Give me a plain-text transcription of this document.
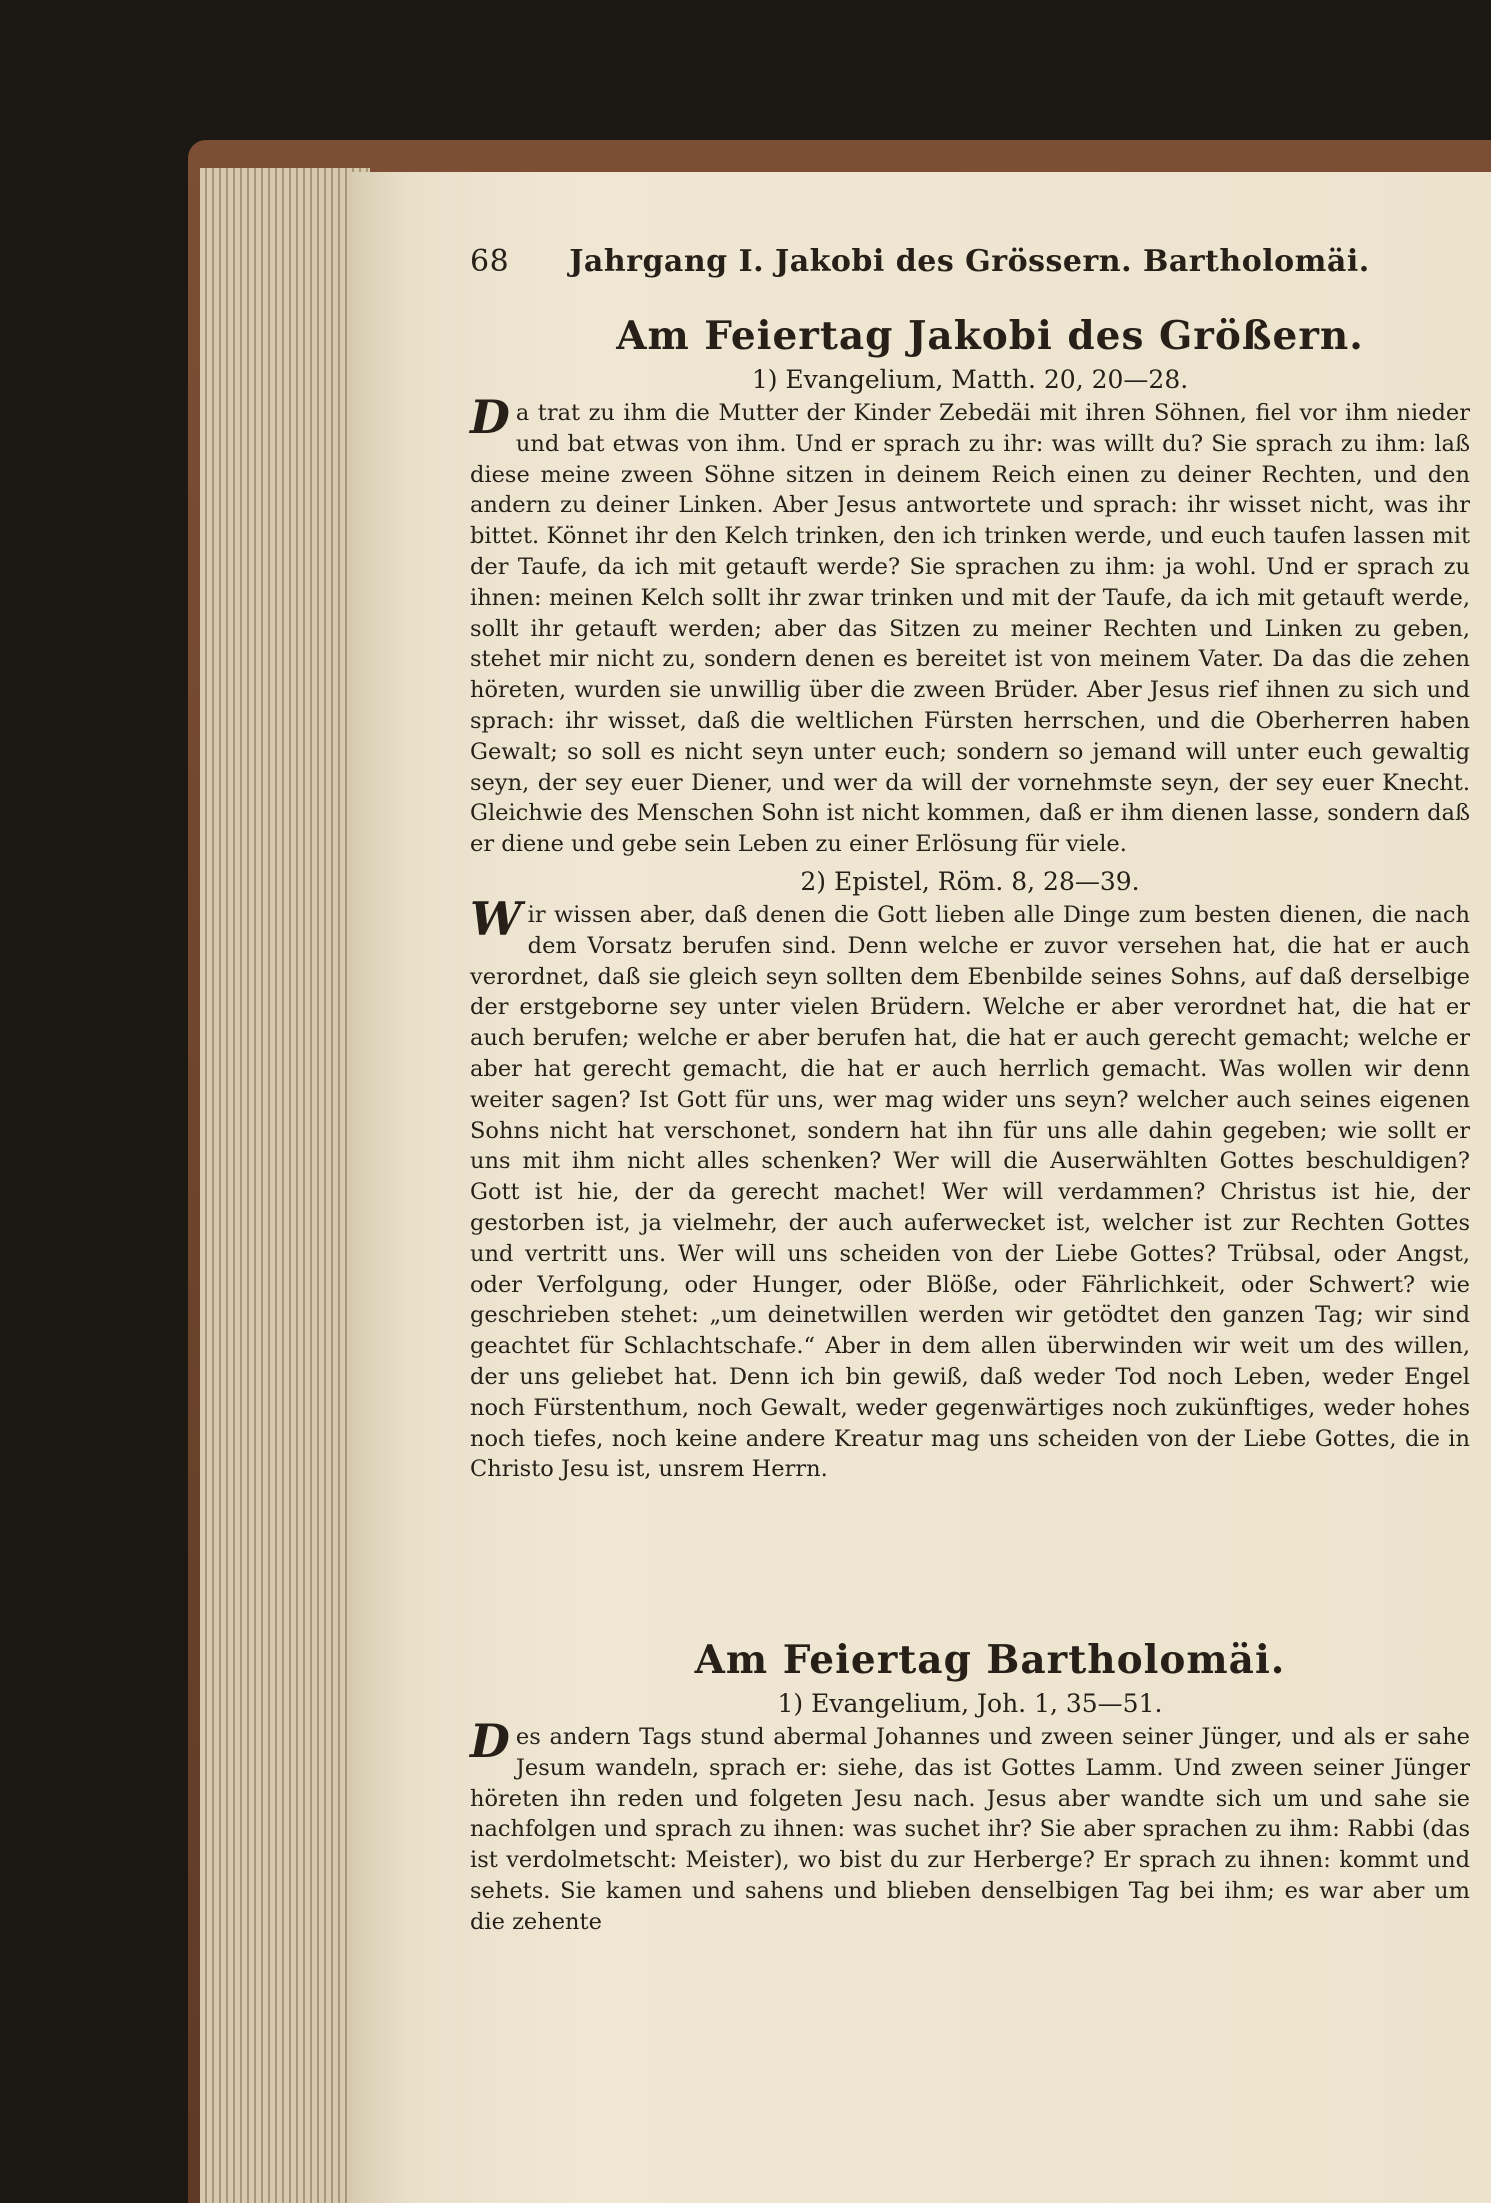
68 Jahrgang I. Jakobi des Grössern. Bartholomäi.
Am Feiertag Jakobi des Größern.
1) Evangelium, Matth. 20, 20—28.
Da trat zu ihm die Mutter der Kinder Zebedäi mit ihren Söhnen, fiel vor ihm nieder und bat etwas von ihm. Und er sprach zu ihr: was willt du? Sie sprach zu ihm: laß diese meine zween Söhne sitzen in deinem Reich einen zu deiner Rechten, und den andern zu deiner Linken. Aber Jesus antwortete und sprach: ihr wisset nicht, was ihr bittet. Könnet ihr den Kelch trinken, den ich trinken werde, und euch taufen lassen mit der Taufe, da ich mit getauft werde? Sie sprachen zu ihm: ja wohl. Und er sprach zu ihnen: meinen Kelch sollt ihr zwar trinken und mit der Taufe, da ich mit getauft werde, sollt ihr getauft werden; aber das Sitzen zu meiner Rechten und Linken zu geben, stehet mir nicht zu, sondern denen es bereitet ist von meinem Vater. Da das die zehen höreten, wurden sie unwillig über die zween Brüder. Aber Jesus rief ihnen zu sich und sprach: ihr wisset, daß die weltlichen Fürsten herrschen, und die Oberherren haben Gewalt; so soll es nicht seyn unter euch; sondern so jemand will unter euch gewaltig seyn, der sey euer Diener, und wer da will der vornehmste seyn, der sey euer Knecht. Gleichwie des Menschen Sohn ist nicht kommen, daß er ihm dienen lasse, sondern daß er diene und gebe sein Leben zu einer Erlösung für viele.
2) Epistel, Röm. 8, 28—39.
Wir wissen aber, daß denen die Gott lieben alle Dinge zum besten dienen, die nach dem Vorsatz berufen sind. Denn welche er zuvor versehen hat, die hat er auch verordnet, daß sie gleich seyn sollten dem Ebenbilde seines Sohns, auf daß derselbige der erstgeborne sey unter vielen Brüdern. Welche er aber verordnet hat, die hat er auch berufen; welche er aber berufen hat, die hat er auch gerecht gemacht; welche er aber hat gerecht gemacht, die hat er auch herrlich gemacht. Was wollen wir denn weiter sagen? Ist Gott für uns, wer mag wider uns seyn? welcher auch seines eigenen Sohns nicht hat verschonet, sondern hat ihn für uns alle dahin gegeben; wie sollt er uns mit ihm nicht alles schenken? Wer will die Auserwählten Gottes beschuldigen? Gott ist hie, der da gerecht machet! Wer will verdammen? Christus ist hie, der gestorben ist, ja vielmehr, der auch auferwecket ist, welcher ist zur Rechten Gottes und vertritt uns. Wer will uns scheiden von der Liebe Gottes? Trübsal, oder Angst, oder Verfolgung, oder Hunger, oder Blöße, oder Fährlichkeit, oder Schwert? wie geschrieben stehet: „um deinetwillen werden wir getödtet den ganzen Tag; wir sind geachtet für Schlachtschafe.“ Aber in dem allen überwinden wir weit um des willen, der uns geliebet hat. Denn ich bin gewiß, daß weder Tod noch Leben, weder Engel noch Fürstenthum, noch Gewalt, weder gegenwärtiges noch zukünftiges, weder hohes noch tiefes, noch keine andere Kreatur mag uns scheiden von der Liebe Gottes, die in Christo Jesu ist, unsrem Herrn.
Am Feiertag Bartholomäi.
1) Evangelium, Joh. 1, 35—51.
Des andern Tags stund abermal Johannes und zween seiner Jünger, und als er sahe Jesum wandeln, sprach er: siehe, das ist Gottes Lamm. Und zween seiner Jünger höreten ihn reden und folgeten Jesu nach. Jesus aber wandte sich um und sahe sie nachfolgen und sprach zu ihnen: was suchet ihr? Sie aber sprachen zu ihm: Rabbi (das ist verdolmetscht: Meister), wo bist du zur Herberge? Er sprach zu ihnen: kommt und sehets. Sie kamen und sahens und blieben denselbigen Tag bei ihm; es war aber um die zehente
